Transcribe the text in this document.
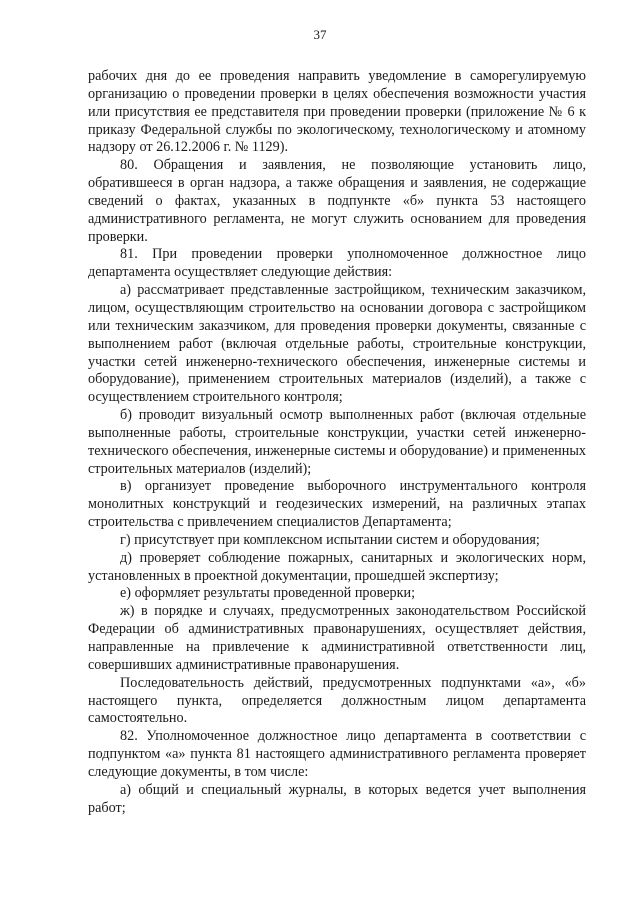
37

рабочих дня до ее проведения направить уведомление в саморегулируемую организацию о проведении проверки в целях обеспечения возможности участия или присутствия ее представителя при проведении проверки (приложение № 6 к приказу Федеральной службы по экологическому, технологическому и атомному надзору от 26.12.2006 г. № 1129).

80. Обращения и заявления, не позволяющие установить лицо, обратившееся в орган надзора, а также обращения и заявления, не содержащие сведений о фактах, указанных в подпункте «б» пункта 53 настоящего административного регламента, не могут служить основанием для проведения проверки.

81. При проведении проверки уполномоченное должностное лицо департамента осуществляет следующие действия:

а) рассматривает представленные застройщиком, техническим заказчиком, лицом, осуществляющим строительство на основании договора с застройщиком или техническим заказчиком, для проведения проверки документы, связанные с выполнением работ (включая отдельные работы, строительные конструкции, участки сетей инженерно-технического обеспечения, инженерные системы и оборудование), применением строительных материалов (изделий), а также с осуществлением строительного контроля;

б) проводит визуальный осмотр выполненных работ (включая отдельные выполненные работы, строительные конструкции, участки сетей инженерно-технического обеспечения, инженерные системы и оборудование) и примененных строительных материалов (изделий);

в) организует проведение выборочного инструментального контроля монолитных конструкций и геодезических измерений, на различных этапах строительства с привлечением специалистов Департамента;

г) присутствует при комплексном испытании систем и оборудования;

д) проверяет соблюдение пожарных, санитарных и экологических норм, установленных в проектной документации, прошедшей экспертизу;

е) оформляет результаты проведенной проверки;

ж) в порядке и случаях, предусмотренных законодательством Российской Федерации об административных правонарушениях, осуществляет действия, направленные на привлечение к административной ответственности лиц, совершивших административные правонарушения.

Последовательность действий, предусмотренных подпунктами «а», «б» настоящего пункта, определяется должностным лицом департамента самостоятельно.

82. Уполномоченное должностное лицо департамента в соответствии с подпунктом «а» пункта 81 настоящего административного регламента проверяет следующие документы, в том числе:

а) общий и специальный журналы, в которых ведется учет выполнения работ;
